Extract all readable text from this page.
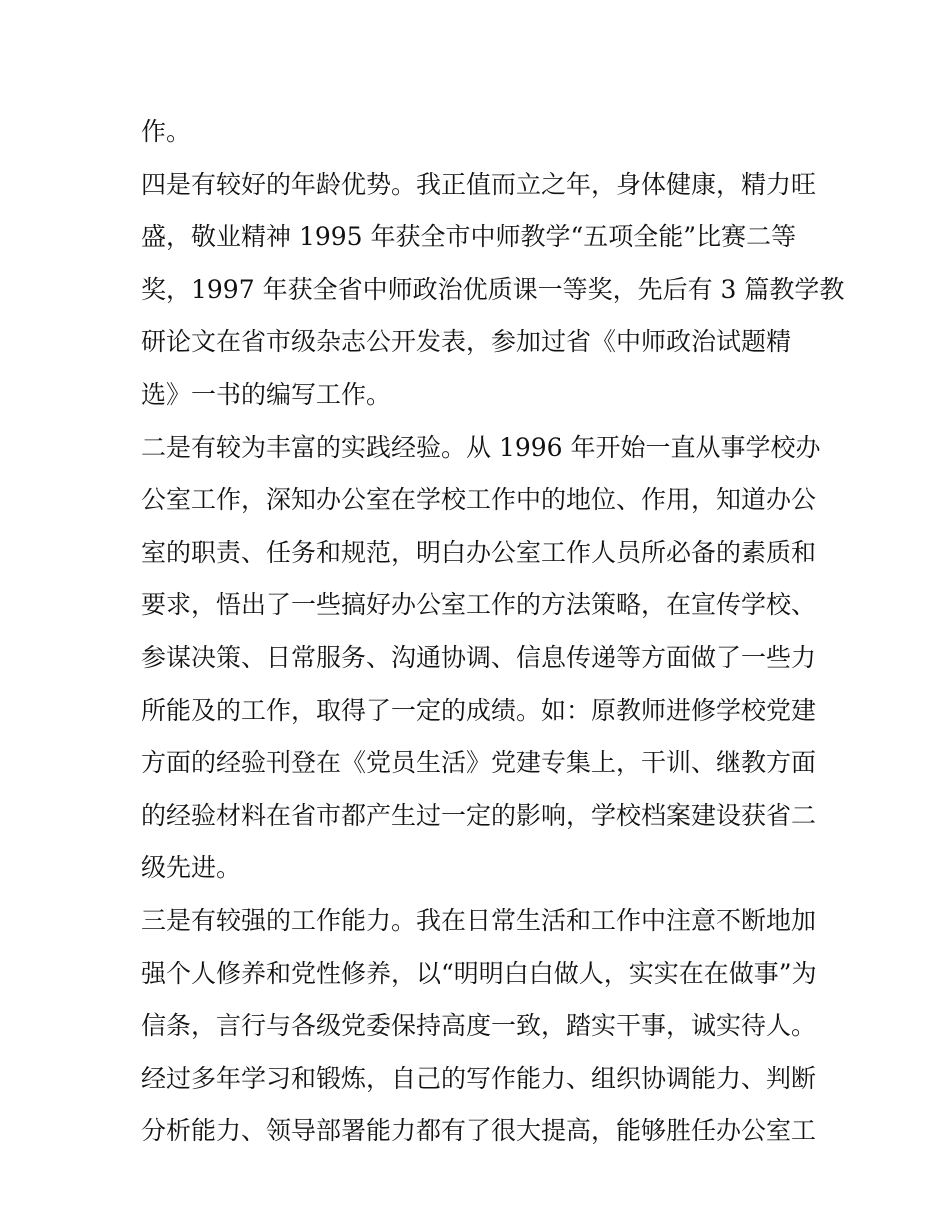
作。
四是有较好的年龄优势。我正值而立之年，身体健康，精力旺
盛，敬业精神 1995 年获全市中师教学“五项全能”比赛二等
奖，1997 年获全省中师政治优质课一等奖，先后有 3 篇教学教
研论文在省市级杂志公开发表，参加过省《中师政治试题精
选》一书的编写工作。
二是有较为丰富的实践经验。从 1996 年开始一直从事学校办
公室工作，深知办公室在学校工作中的地位、作用，知道办公
室的职责、任务和规范，明白办公室工作人员所必备的素质和
要求，悟出了一些搞好办公室工作的方法策略，在宣传学校、
参谋决策、日常服务、沟通协调、信息传递等方面做了一些力
所能及的工作，取得了一定的成绩。如：原教师进修学校党建
方面的经验刊登在《党员生活》党建专集上，干训、继教方面
的经验材料在省市都产生过一定的影响，学校档案建设获省二
级先进。
三是有较强的工作能力。我在日常生活和工作中注意不断地加
强个人修养和党性修养，以“明明白白做人，实实在在做事”为
信条，言行与各级党委保持高度一致，踏实干事，诚实待人。
经过多年学习和锻炼，自己的写作能力、组织协调能力、判断
分析能力、领导部署能力都有了很大提高，能够胜任办公室工
